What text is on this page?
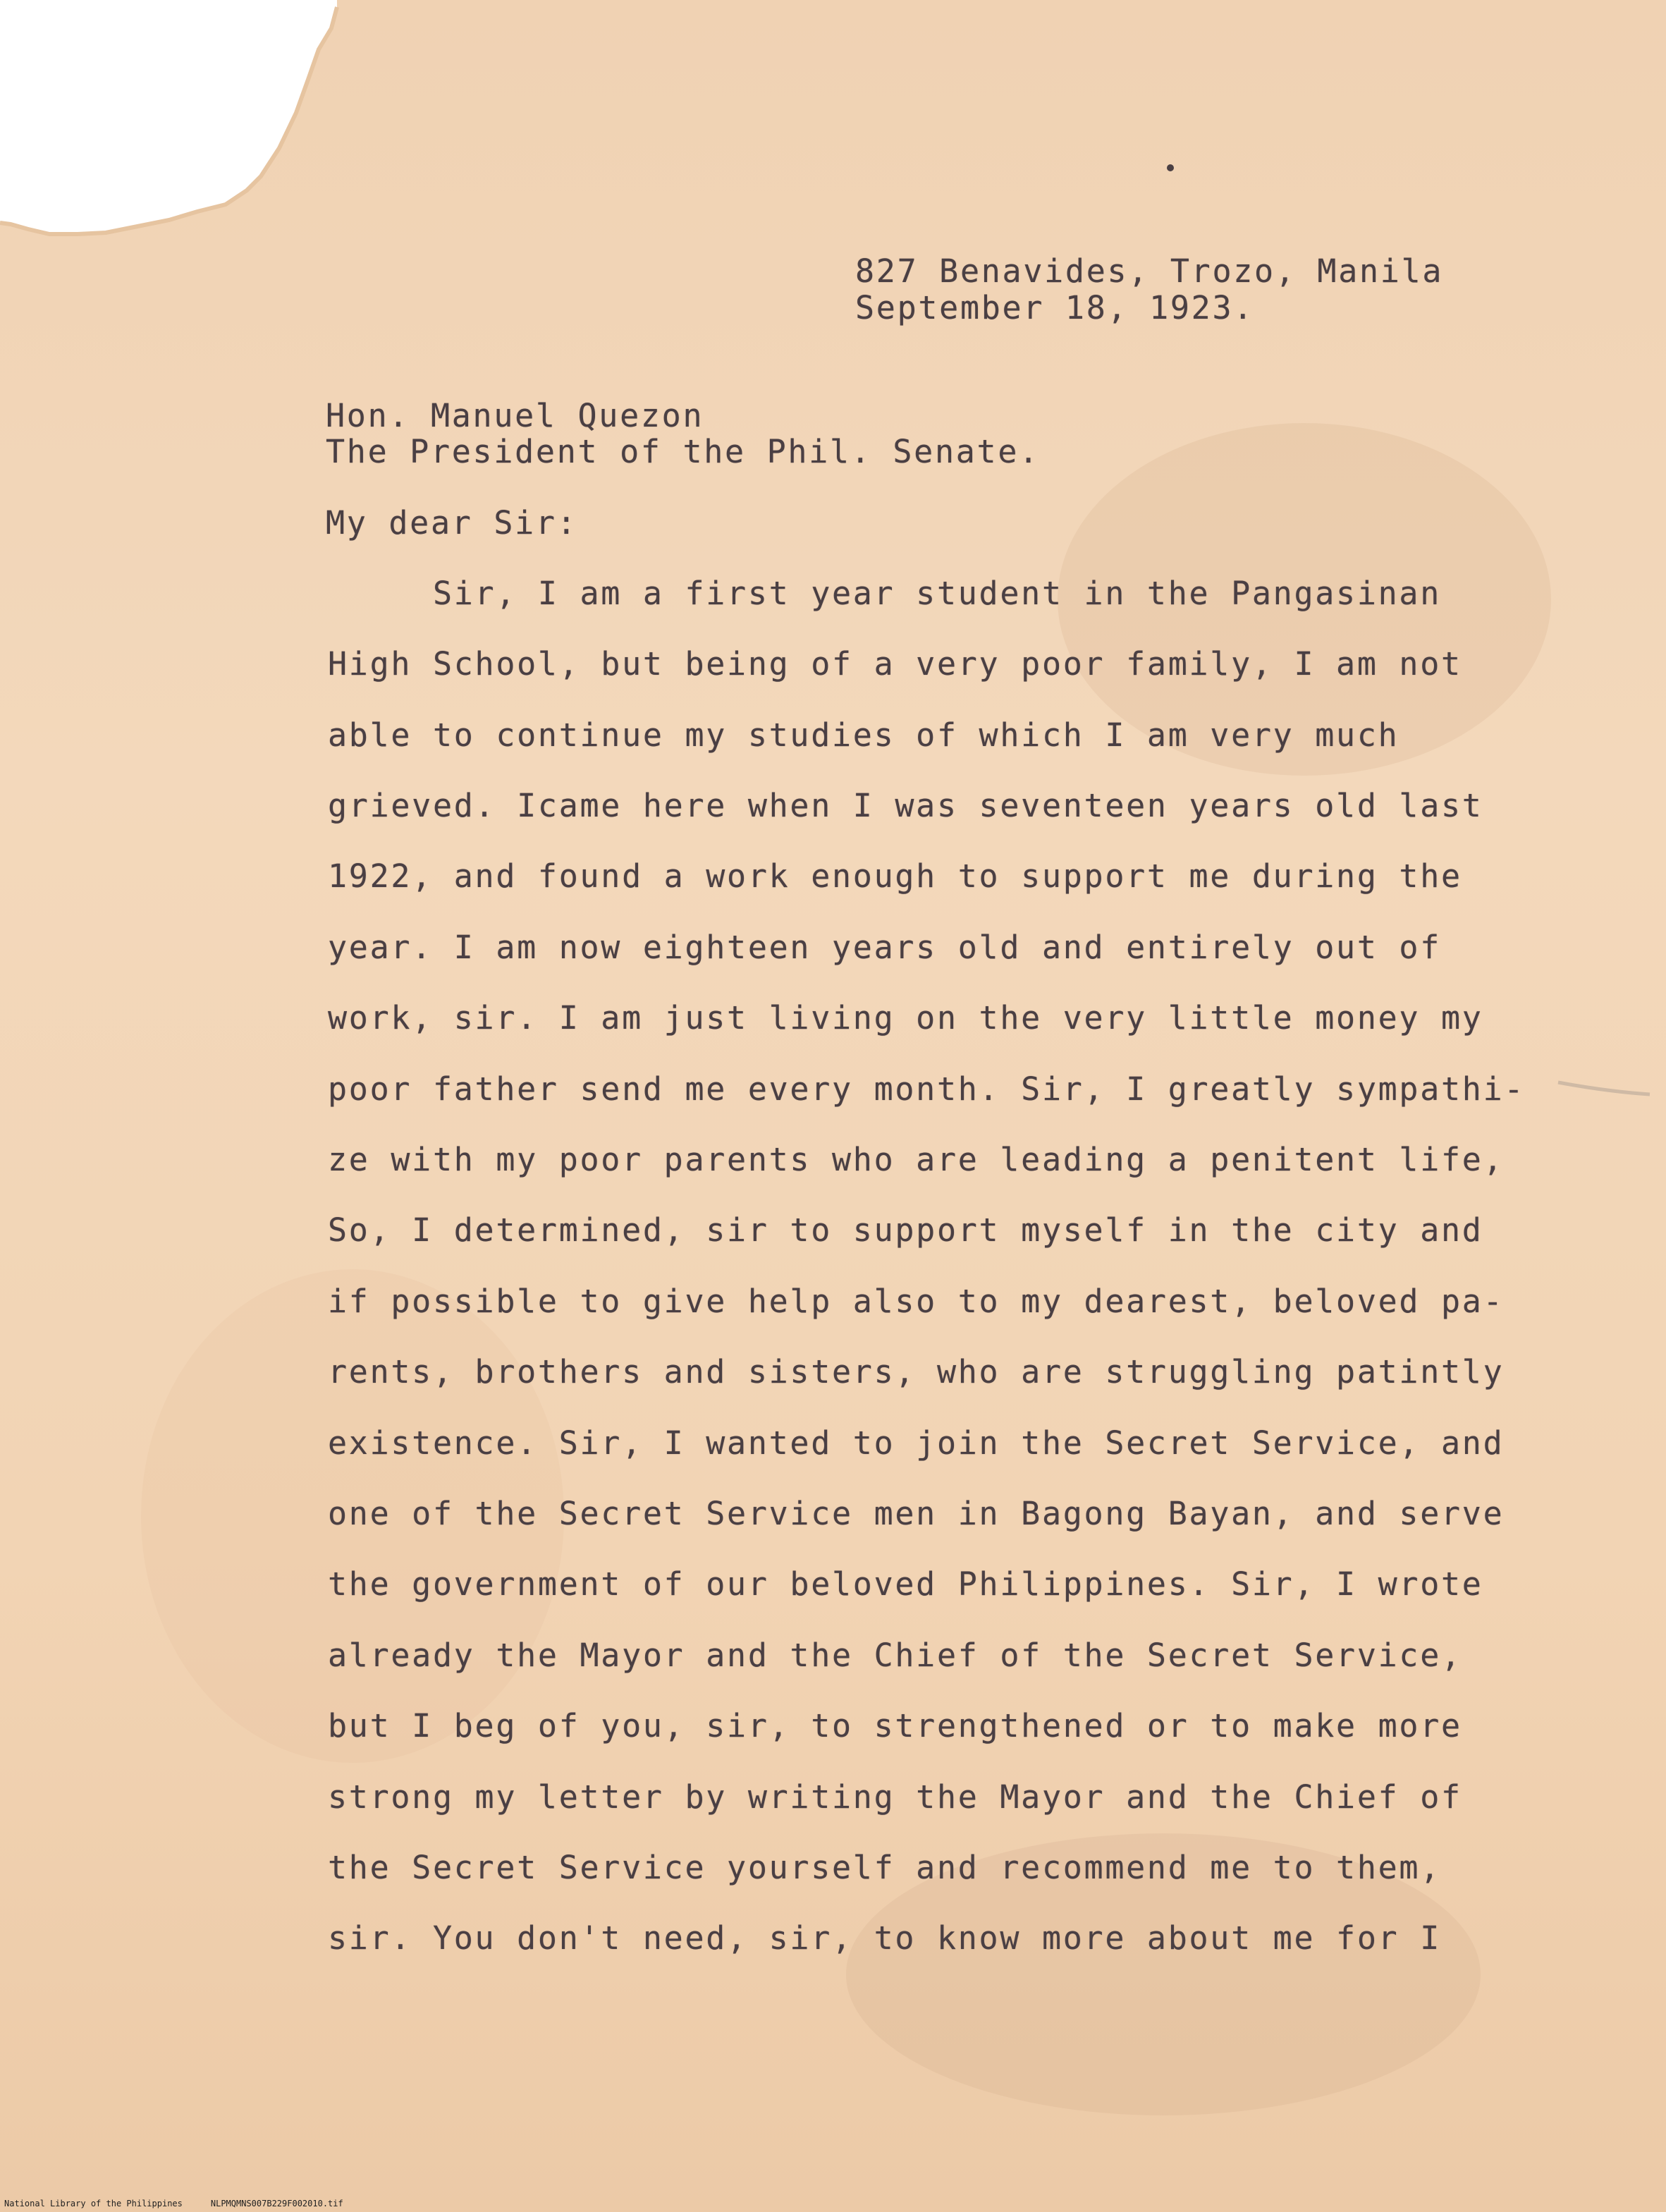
827 Benavides, Trozo, Manila
September 18, 1923.
Hon. Manuel Quezon
The President of the Phil. Senate.
My dear Sir:
Sir, I am a first year student in the Pangasinan
High School, but being of a very poor family, I am not
able to continue my studies of which I am very much
grieved. Icame here when I was seventeen years old last
1922, and found a work enough to support me during the
year. I am now eighteen years old and entirely out of
work, sir. I am just living on the very little money my
poor father send me every month. Sir, I greatly sympathi-
ze with my poor parents who are leading a penitent life,
So, I determined, sir to support myself in the city and
if possible to give help also to my dearest, beloved pa-
rents, brothers and sisters, who are struggling patintly
existence. Sir, I wanted to join the Secret Service, and
one of the Secret Service men in Bagong Bayan, and serve
the government of our beloved Philippines. Sir, I wrote
already the Mayor and the Chief of the Secret Service,
but I beg of you, sir, to strengthened or to make more
strong my letter by writing the Mayor and the Chief of
the Secret Service yourself and recommend me to them,
sir. You don't need, sir, to know more about me for I
National Library of the Philippines	NLPMQMNS007B229F002010.tif
